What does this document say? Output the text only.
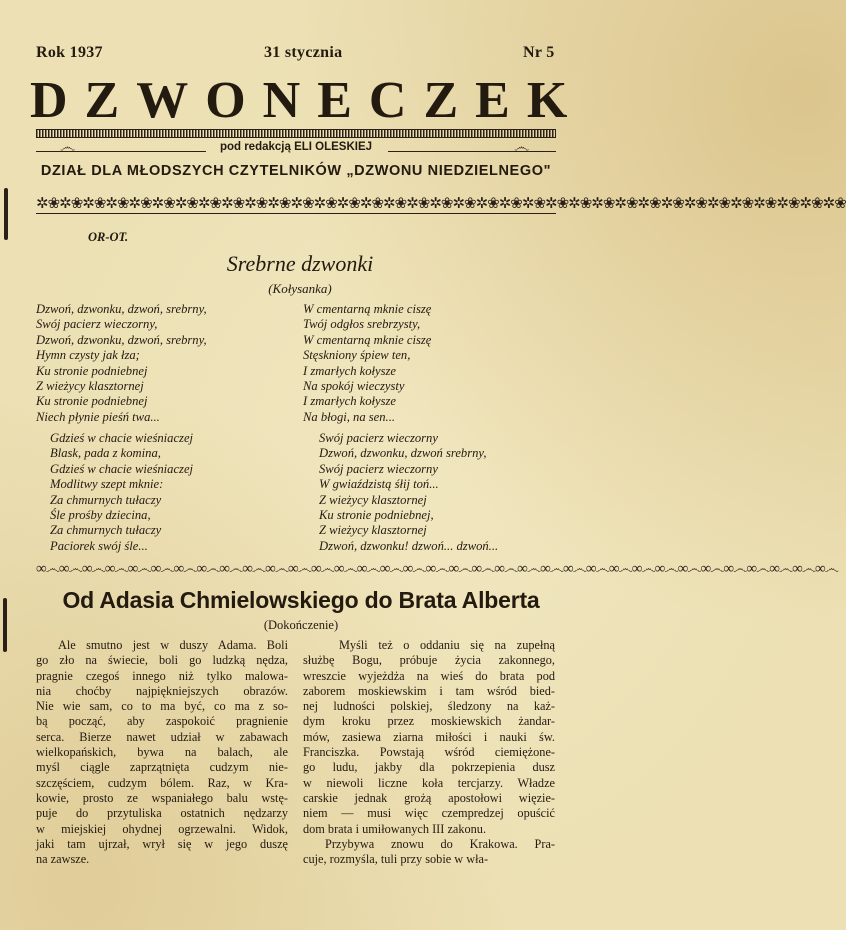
Rok 1937	31 stycznia	Nr 5
DZWONECZEK
෴	෴
pod redakcją ELI OLESKIEJ
DZIAŁ DLA MŁODSZYCH CZYTELNIKÓW „DZWONU NIEDZIELNEGO"
✲❀✲❀✲❀✲❀✲❀✲❀✲❀✲❀✲❀✲❀✲❀✲❀✲❀✲❀✲❀✲❀✲❀✲❀✲❀✲❀✲❀✲❀✲❀✲❀✲❀✲❀✲❀✲❀✲❀✲❀✲❀✲❀✲❀✲❀✲❀
OR-OT.
Srebrne dzwonki
(Kołysanka)
Dzwoń, dzwonku, dzwoń, srebrny,
Swój pacierz wieczorny,
Dzwoń, dzwonku, dzwoń, srebrny,
Hymn czysty jak łza;
Ku stronie podniebnej
Z wieżycy klasztornej
Ku stronie podniebnej
Niech płynie pieśń twa...
W cmentarną mknie ciszę
Twój odgłos srebrzysty,
W cmentarną mknie ciszę
Stęskniony śpiew ten,
I zmarłych kołysze
Na spokój wieczysty
I zmarłych kołysze
Na błogi, na sen...
Gdzieś w chacie wieśniaczej
Blask, pada z komina,
Gdzieś w chacie wieśniaczej
Modlitwy szept mknie:
Za chmurnych tułaczy
Śle prośby dziecina,
Za chmurnych tułaczy
Paciorek swój śle...
Swój pacierz wieczorny
Dzwoń, dzwonku, dzwoń srebrny,
Swój pacierz wieczorny
W gwiaździstą śłij toń...
Z wieżycy klasztornej
Ku stronie podniebnej,
Z wieżycy klasztornej
Dzwoń, dzwonku! dzwoń... dzwoń...
∞෴∞෴∞෴∞෴∞෴∞෴∞෴∞෴∞෴∞෴∞෴∞෴∞෴∞෴∞෴∞෴∞෴∞෴∞෴∞෴∞෴∞෴∞෴∞෴∞෴∞෴∞෴∞෴∞෴∞෴∞෴∞෴∞෴∞෴∞෴
Od Adasia Chmielowskiego do Brata Alberta
(Dokończenie)
Ale smutno jest w duszy Adama. Boli
go zło na świecie, boli go ludzką nędza,
pragnie czegoś innego niż tylko malowa-
nia choćby najpiękniejszych obrazów.
Nie wie sam, co to ma być, co ma z so-
bą począć, aby zaspokoić pragnienie
serca. Bierze nawet udział w zabawach
wielkopańskich, bywa na balach, ale
myśl ciągle zaprzątnięta cudzym nie-
szczęściem, cudzym bólem. Raz, w Kra-
kowie, prosto ze wspaniałego balu wstę-
puje do przytuliska ostatnich nędzarzy
w miejskiej ohydnej ogrzewalni. Widok,
jaki tam ujrzał, wrył się w jego duszę
na zawsze.
Myśli też o oddaniu się na zupełną
służbę Bogu, próbuje życia zakonnego,
wreszcie wyjeżdża na wieś do brata pod
zaborem moskiewskim i tam wśród bied-
nej ludności polskiej, śledzony na każ-
dym kroku przez moskiewskich żandar-
mów, zasiewa ziarna miłości i nauki św.
Franciszka. Powstają wśród ciemiężone-
go ludu, jakby dla pokrzepienia dusz
w niewoli liczne koła tercjarzy. Władze
carskie jednak grożą apostołowi więzie-
niem — musi więc czempredzej opuścić
dom brata i umiłowanych III zakonu.
Przybywa znowu do Krakowa. Pra-
cuje, rozmyśla, tuli przy sobie w wła-
